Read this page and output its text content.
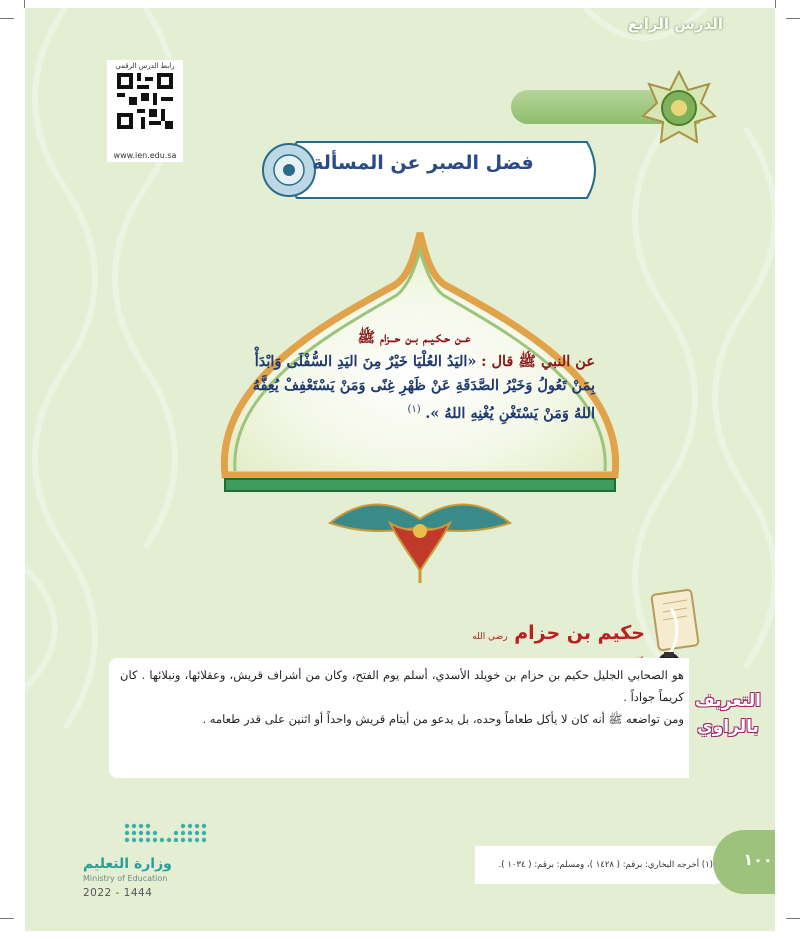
رابط الدرس الرقمي
www.ien.edu.sa
الدرس الرابع
فضل الصبر عن المسألة
عــن حـكـيــم بــن حـــزام ﷺ
عن النبي ﷺ قال : «اليَدُ العُلْيَا خَيْرٌ مِنَ اليَدِ السُّفْلَى وَابْدَأْ بِمَنْ تَعُولُ وَخَيْرُ الصَّدَقَةِ عَنْ ظَهْرِ غِنًى وَمَنْ يَسْتَعْفِفْ يُعِفَّهُ اللهُ وَمَنْ يَسْتَغْنِ يُغْنِهِ اللهُ ». $^{(١)}$
حكيم بن حزام رضي الله

هو الصحابي الجليل حكيم بن حزام بن خويلد الأسدي، أسلم يوم الفتح، وكان من أشراف قريش، وعقلائها، ونبلائها . كان كريماً جواداً .

ومن تواضعه ﷺ أنه كان لا يأكل طعاماً وحده، بل يدعو من أيتام قريش واحداً أو اثنين على قدر طعامه .

التعريف بالراوي
وزارة التعليم
Ministry of Education
2022 - 1444
(١) أخرجه البخاري: برقم: ( ١٤٢٨ )، ومسلم: برقم: ( ١٠٣٤ ).	١٠٠
